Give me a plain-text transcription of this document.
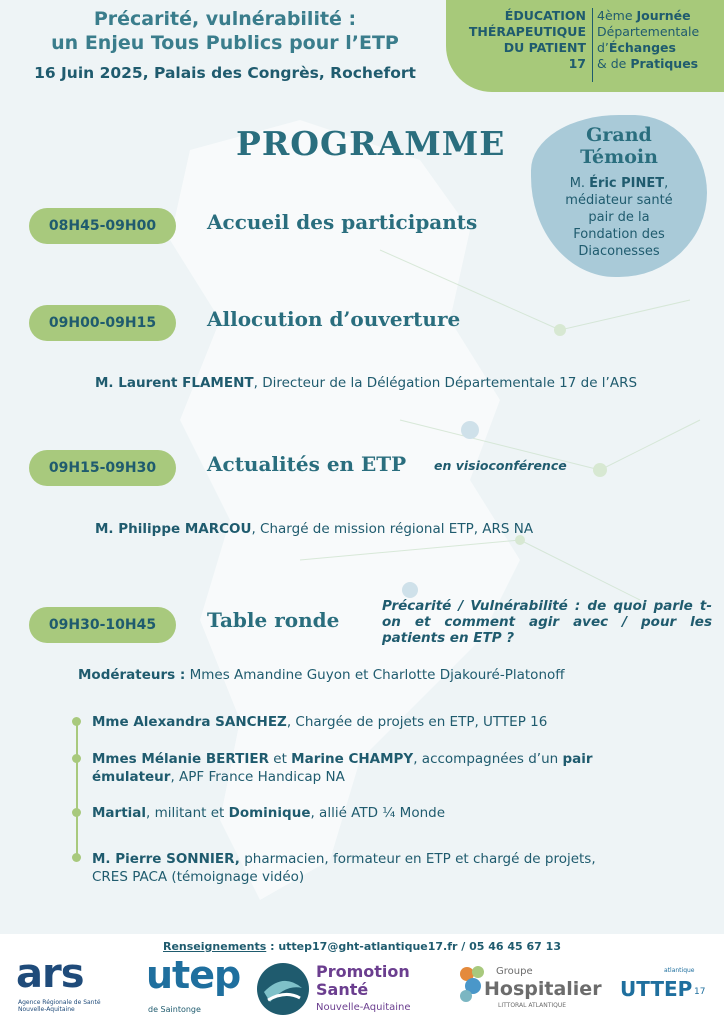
Précarité, vulnérabilité :
un Enjeu Tous Publics pour l’ETP
16 Juin 2025, Palais des Congrès, Rochefort
ÉDUCATION
THÉRAPEUTIQUE
DU PATIENT
17
4ème Journée
Départementale
d’Échanges
& de Pratiques
PROGRAMME	Grand
Témoin
M. Éric PINET,
médiateur santé
pair de la
Fondation des
Diaconesses
08H45-09H00	Accueil des participants
09H00-09H15	Allocution d’ouverture
M. Laurent FLAMENT, Directeur de la Délégation Départementale 17 de l’ARS
09H15-09H30	Actualités en ETP en visioconférence
M. Philippe MARCOU, Chargé de mission régional ETP, ARS NA
09H30-10H45	Table ronde
Précarité / Vulnérabilité : de quoi parle t-on et comment agir avec / pour les patients en ETP ?
Modérateurs : Mmes Amandine Guyon et Charlotte Djakouré-Platonoff
Mme Alexandra SANCHEZ, Chargée de projets en ETP, UTTEP 16
Mmes Mélanie BERTIER et Marine CHAMPY, accompagnées d’un pair
émulateur, APF France Handicap NA
Martial, militant et Dominique, allié ATD ¼ Monde
M. Pierre SONNIER, pharmacien, formateur en ETP et chargé de projets,
CRES PACA (témoignage vidéo)
Renseignements : uttep17@ght-atlantique17.fr / 05 46 45 67 13
ars
Agence Régionale de Santé
Nouvelle-Aquitaine
utep
de Saintonge
Promotion
Santé
Nouvelle-Aquitaine
Groupe
Hospitalier
LITTORAL ATLANTIQUE
atlantique
UTTEP 17
